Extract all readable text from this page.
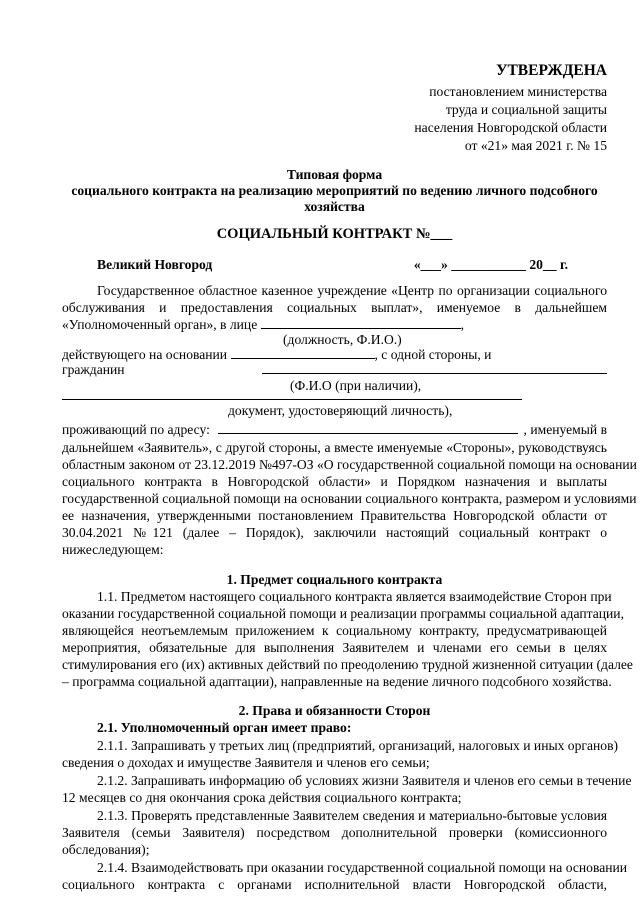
УТВЕРЖДЕНА
постановлением министерства
труда и социальной защиты
населения Новгородской области
от «21» мая 2021 г. № 15
Типовая форма
социального контракта на реализацию мероприятий по ведению личного подсобного
хозяйства
СОЦИАЛЬНЫЙ КОНТРАКТ №___
Великий Новгород	«___» ___________ 20__ г.
Государственное областное казенное учреждение «Центр по организации социального
обслуживания и предоставления социальных выплат», именуемое в дальнейшем
«Уполномоченный орган», в лице	,
(должность, Ф.И.О.)
действующего на основании	, с одной стороны, и
гражданин
(Ф.И.О (при наличии),
документ, удостоверяющий личность),
проживающий по адресу:	, именуемый в
дальнейшем «Заявитель», с другой стороны, а вместе именуемые «Стороны», руководствуясь
областным законом от 23.12.2019 №497-ОЗ «О государственной социальной помощи на основании
социального контракта в Новгородской области» и Порядком назначения и выплаты
государственной социальной помощи на основании социального контракта, размером и условиями
ее назначения, утвержденными постановлением Правительства Новгородской области от
30.04.2021 №121 (далее – Порядок), заключили настоящий социальный контракт о
нижеследующем:
1. Предмет социального контракта
1.1. Предметом настоящего социального контракта является взаимодействие Сторон при
оказании государственной социальной помощи и реализации программы социальной адаптации,
являющейся неотъемлемым приложением к социальному контракту, предусматривающей
мероприятия, обязательные для выполнения Заявителем и членами его семьи в целях
стимулирования его (их) активных действий по преодолению трудной жизненной ситуации (далее
– программа социальной адаптации), направленные на ведение личного подсобного хозяйства.
2. Права и обязанности Сторон
2.1. Уполномоченный орган имеет право:
2.1.1. Запрашивать у третьих лиц (предприятий, организаций, налоговых и иных органов)
сведения о доходах и имуществе Заявителя и членов его семьи;
2.1.2. Запрашивать информацию об условиях жизни Заявителя и членов его семьи в течение
12 месяцев со дня окончания срока действия социального контракта;
2.1.3. Проверять представленные Заявителем сведения и материально-бытовые условия
Заявителя (семьи Заявителя) посредством дополнительной проверки (комиссионного
обследования);
2.1.4. Взаимодействовать при оказании государственной социальной помощи на основании
социального контракта с органами исполнительной власти Новгородской области,
